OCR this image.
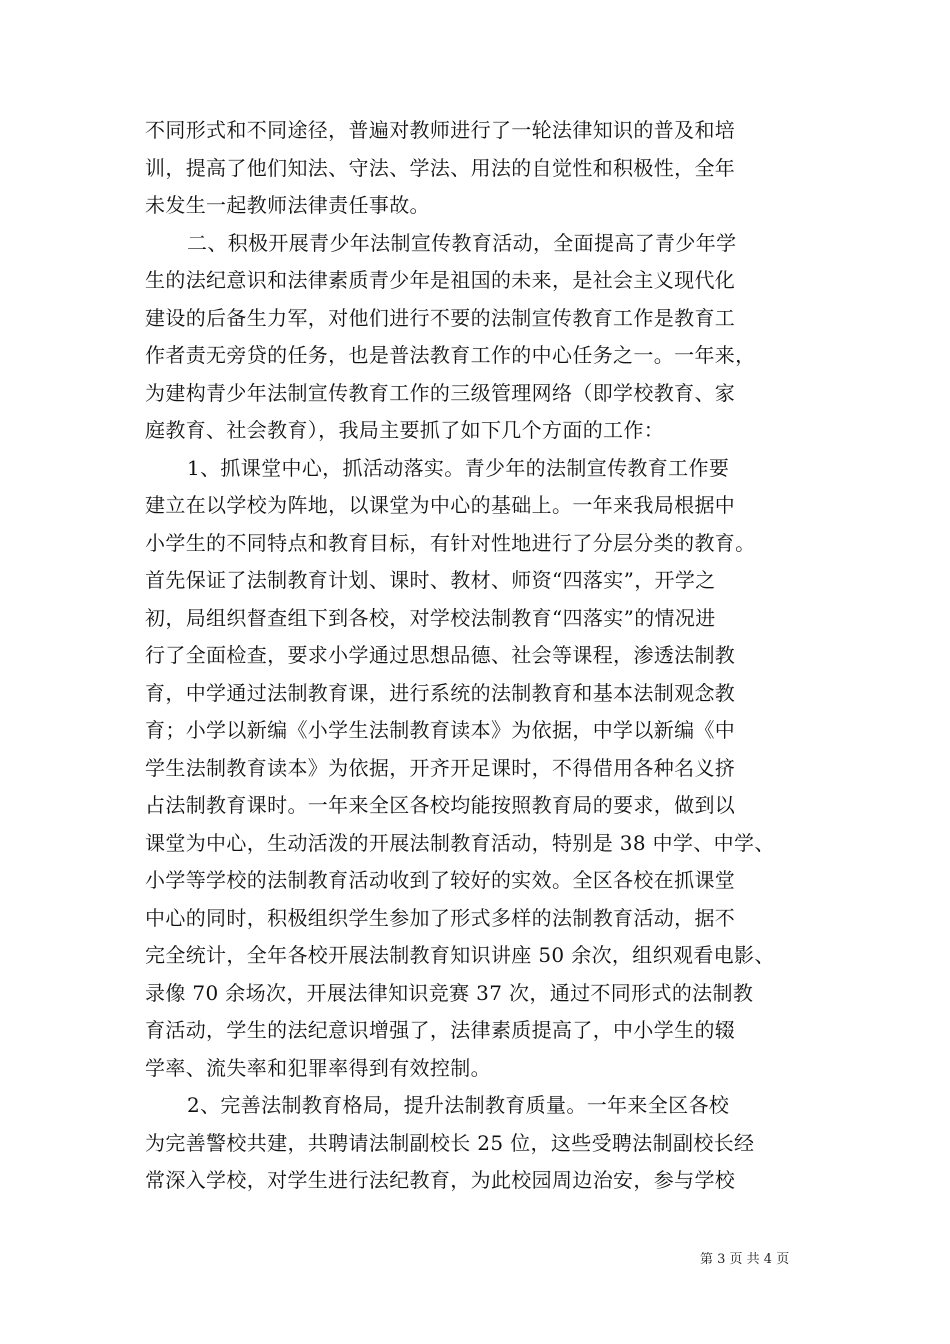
不同形式和不同途径，普遍对教师进行了一轮法律知识的普及和培
训，提高了他们知法、守法、学法、用法的自觉性和积极性，全年
未发生一起教师法律责任事故。
二、积极开展青少年法制宣传教育活动，全面提高了青少年学
生的法纪意识和法律素质青少年是祖国的未来，是社会主义现代化
建设的后备生力军，对他们进行不要的法制宣传教育工作是教育工
作者责无旁贷的任务，也是普法教育工作的中心任务之一。一年来，
为建构青少年法制宣传教育工作的三级管理网络（即学校教育、家
庭教育、社会教育），我局主要抓了如下几个方面的工作：
1、抓课堂中心，抓活动落实。青少年的法制宣传教育工作要
建立在以学校为阵地，以课堂为中心的基础上。一年来我局根据中
小学生的不同特点和教育目标，有针对性地进行了分层分类的教育。
首先保证了法制教育计划、课时、教材、师资“四落实”，开学之
初，局组织督查组下到各校，对学校法制教育“四落实”的情况进
行了全面检查，要求小学通过思想品德、社会等课程，渗透法制教
育，中学通过法制教育课，进行系统的法制教育和基本法制观念教
育；小学以新编《小学生法制教育读本》为依据，中学以新编《中
学生法制教育读本》为依据，开齐开足课时，不得借用各种名义挤
占法制教育课时。一年来全区各校均能按照教育局的要求，做到以
课堂为中心，生动活泼的开展法制教育活动，特别是 38 中学、中学、
小学等学校的法制教育活动收到了较好的实效。全区各校在抓课堂
中心的同时，积极组织学生参加了形式多样的法制教育活动，据不
完全统计，全年各校开展法制教育知识讲座 50 余次，组织观看电影、
录像 70 余场次，开展法律知识竞赛 37 次，通过不同形式的法制教
育活动，学生的法纪意识增强了，法律素质提高了，中小学生的辍
学率、流失率和犯罪率得到有效控制。
2、完善法制教育格局，提升法制教育质量。一年来全区各校
为完善警校共建，共聘请法制副校长 25 位，这些受聘法制副校长经
常深入学校，对学生进行法纪教育，为此校园周边治安，参与学校
第 3 页 共 4 页
